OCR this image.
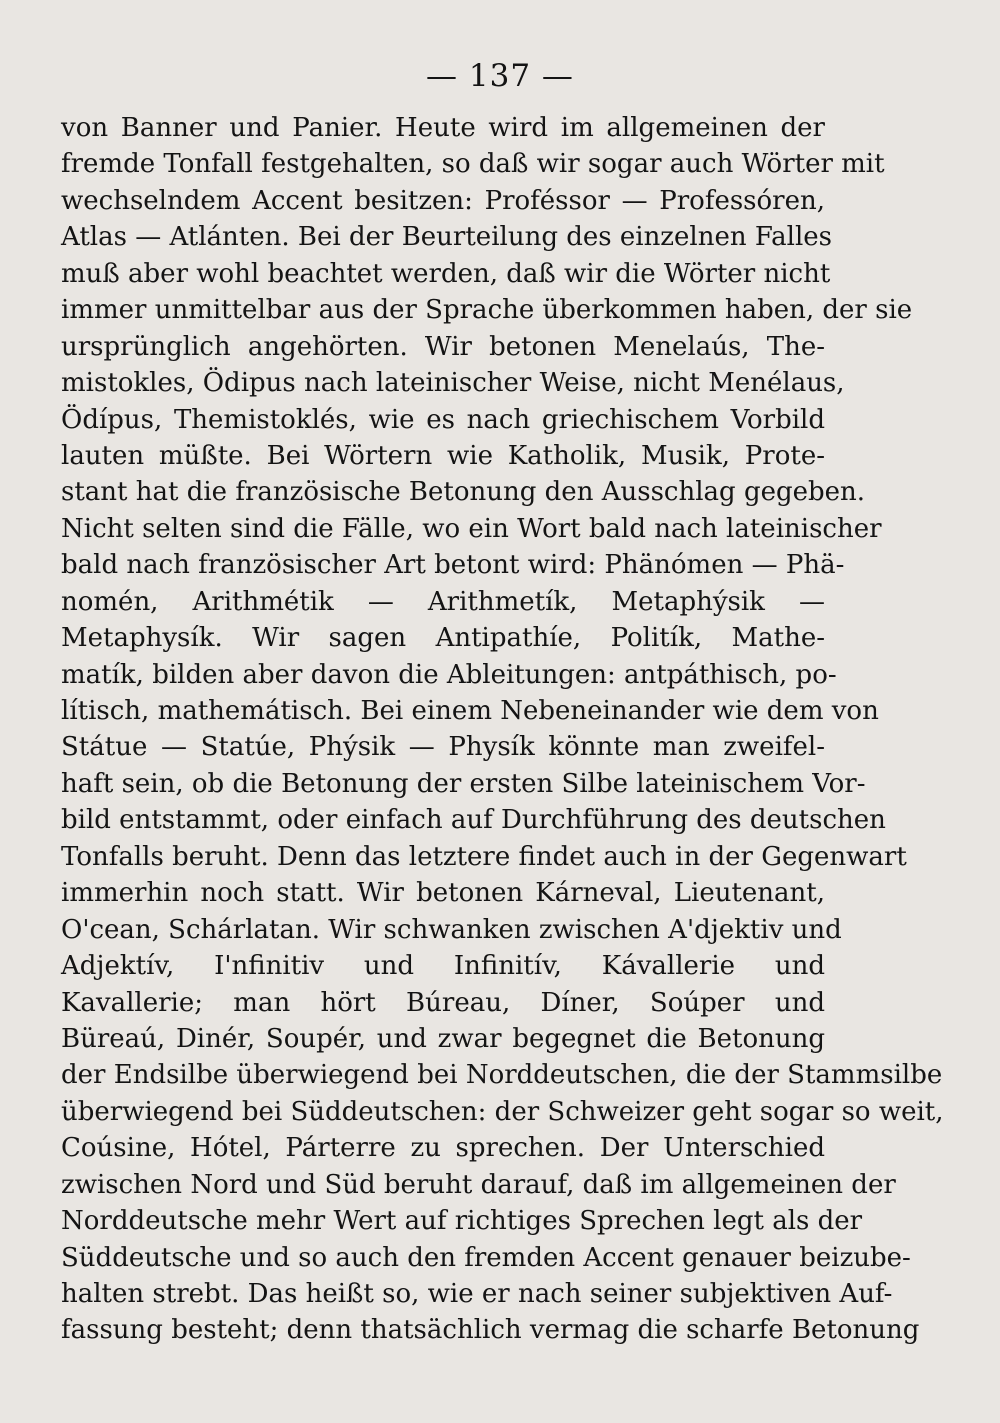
— 137 —
von Banner und Panier. Heute wird im allgemeinen der
fremde Tonfall festgehalten, so daß wir sogar auch Wörter mit
wechselndem Accent besitzen: Proféssor — Professóren,
Atlas — Atlánten. Bei der Beurteilung des einzelnen Falles
muß aber wohl beachtet werden, daß wir die Wörter nicht
immer unmittelbar aus der Sprache überkommen haben, der sie
ursprünglich angehörten. Wir betonen Menelaús, The-
mistokles, Ödipus nach lateinischer Weise, nicht Menélaus,
Ödípus, Themistoklés, wie es nach griechischem Vorbild
lauten müßte. Bei Wörtern wie Katholik, Musik, Prote-
stant hat die französische Betonung den Ausschlag gegeben.
Nicht selten sind die Fälle, wo ein Wort bald nach lateinischer
bald nach französischer Art betont wird: Phänómen — Phä-
nomén, Arithmétik — Arithmetík, Metaphýsik —
Metaphysík. Wir sagen Antipathíe, Politík, Mathe-
matík, bilden aber davon die Ableitungen: antpáthisch, po-
lítisch, mathemátisch. Bei einem Nebeneinander wie dem von
Státue — Statúe, Phýsik — Physík könnte man zweifel-
haft sein, ob die Betonung der ersten Silbe lateinischem Vor-
bild entstammt, oder einfach auf Durchführung des deutschen
Tonfalls beruht. Denn das letztere findet auch in der Gegenwart
immerhin noch statt. Wir betonen Kárneval, Lieutenant,
O'cean, Schárlatan. Wir schwanken zwischen A'djektiv und
Adjektív, I'nfinitiv und Infinitív, Kávallerie und
Kavallerie; man hört Búreau, Díner, Soúper und
Büreaú, Dinér, Soupér, und zwar begegnet die Betonung
der Endsilbe überwiegend bei Norddeutschen, die der Stammsilbe
überwiegend bei Süddeutschen: der Schweizer geht sogar so weit,
Coúsine, Hótel, Párterre zu sprechen. Der Unterschied
zwischen Nord und Süd beruht darauf, daß im allgemeinen der
Norddeutsche mehr Wert auf richtiges Sprechen legt als der
Süddeutsche und so auch den fremden Accent genauer beizube-
halten strebt. Das heißt so, wie er nach seiner subjektiven Auf-
fassung besteht; denn thatsächlich vermag die scharfe Betonung
